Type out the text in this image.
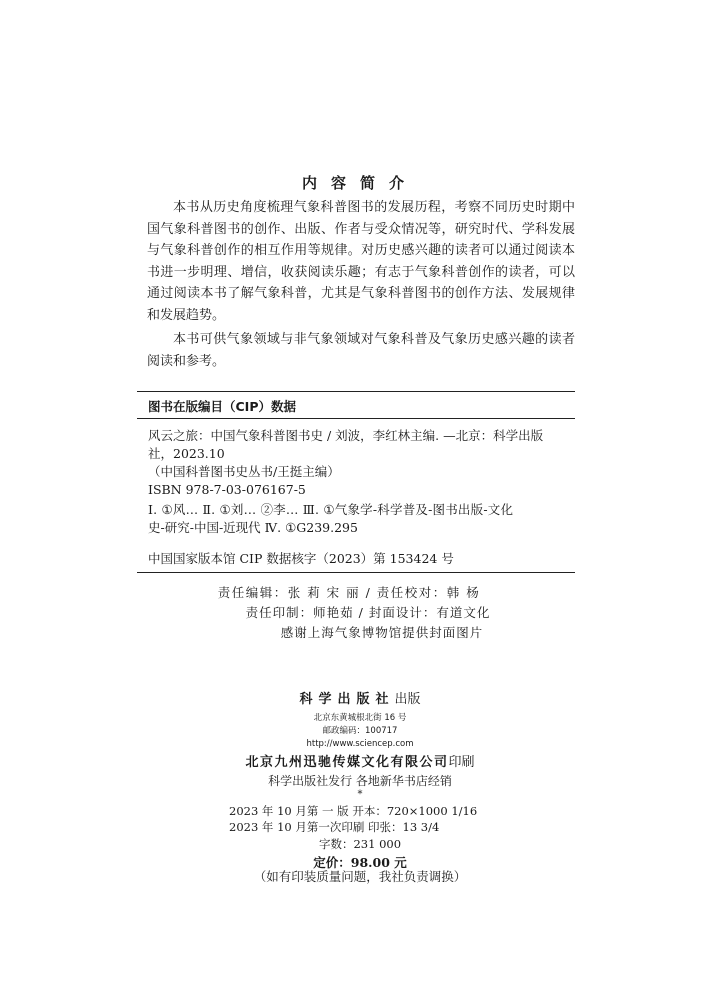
内容简介

本书从历史角度梳理气象科普图书的发展历程，考察不同历史时期中国气象科普图书的创作、出版、作者与受众情况等，研究时代、学科发展与气象科普创作的相互作用等规律。对历史感兴趣的读者可以通过阅读本书进一步明理、增信，收获阅读乐趣；有志于气象科普创作的读者，可以通过阅读本书了解气象科普，尤其是气象科普图书的创作方法、发展规律和发展趋势。

本书可供气象领域与非气象领域对气象科普及气象历史感兴趣的读者阅读和参考。

图书在版编目（CIP）数据
风云之旅：中国气象科普图书史 / 刘波，李红林主编. —北京：科学出版
社，2023.10
（中国科普图书史丛书/王挺主编）
ISBN 978-7-03-076167-5
Ⅰ. ①风… Ⅱ. ①刘… ②李… Ⅲ. ①气象学-科学普及-图书出版-文化
史-研究-中国-近现代 Ⅳ. ①G239.295
中国国家版本馆 CIP 数据核字（2023）第 153424 号
责任编辑：张 莉 宋 丽 / 责任校对：韩 杨
责任印制：师艳茹 / 封面设计：有道文化
感谢上海气象博物馆提供封面图片
科学出版社出版
北京东黄城根北街 16 号
邮政编码：100717
http://www.sciencep.com
北京九州迅驰传媒文化有限公司印刷
科学出版社发行 各地新华书店经销
*
2023 年 10 月第 一 版 开本：720×1000 1/16
2023 年 10 月第一次印刷 印张：13 3/4
字数：231 000
定价：98.00 元
（如有印装质量问题，我社负责调换）
